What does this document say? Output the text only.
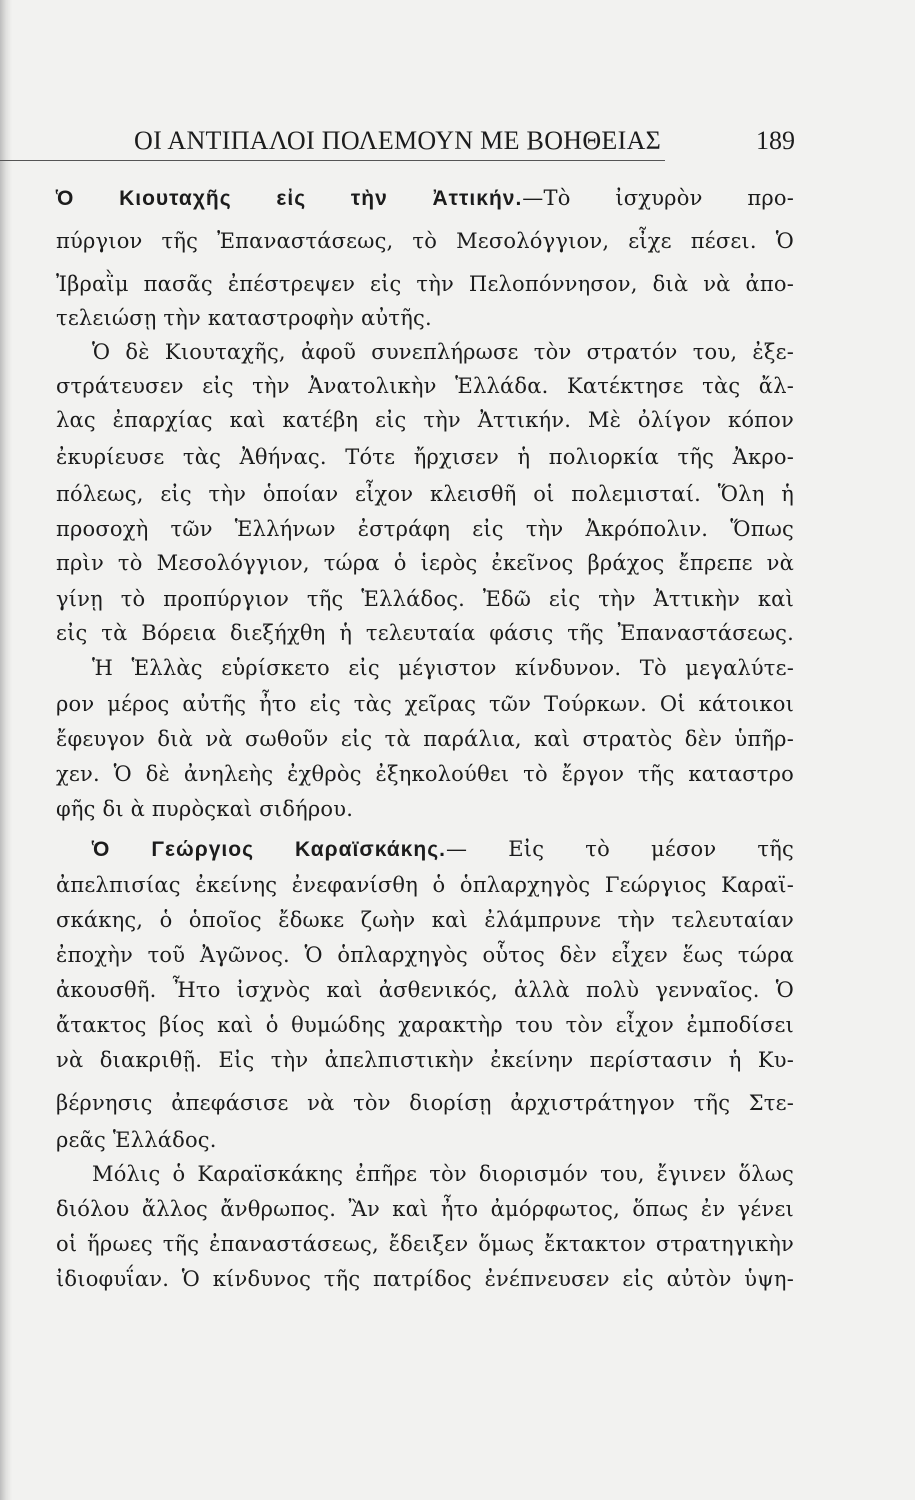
ΟΙ ΑΝΤΙΠΑΛΟΙ ΠΟΛΕΜΟΥΝ ΜΕ ΒΟΗΘΕΙΑΣ	189
Ὁ Κιουταχῆς εἰς τὴν Ἀττικήν.—Τὸ ἰσχυρὸν προ-
πύργιον τῆς Ἐπαναστάσεως, τὸ Μεσολόγγιον, εἶχε πέσει. Ὁ
Ἰβραῒμ πασᾶς ἐπέστρεψεν εἰς τὴν Πελοπόννησον, διὰ νὰ ἀπο-
τελειώσῃ τὴν καταστροφὴν αὐτῆς.
Ὁ δὲ Κιουταχῆς, ἀφοῦ συνεπλήρωσε τὸν στρατόν του, ἐξε-
στράτευσεν εἰς τὴν Ἀνατολικὴν Ἑλλάδα. Κατέκτησε τὰς ἄλ-
λας ἐπαρχίας καὶ κατέβη εἰς τὴν Ἀττικήν. Μὲ ὀλίγον κόπον
ἐκυρίευσε τὰς Ἀθήνας. Τότε ἤρχισεν ἡ πολιορκία τῆς Ἀκρο-
πόλεως, εἰς τὴν ὁποίαν εἶχον κλεισθῆ οἱ πολεμισταί. Ὅλη ἡ
προσοχὴ τῶν Ἑλλήνων ἐστράφη εἰς τὴν Ἀκρόπολιν. Ὅπως
πρὶν τὸ Μεσολόγγιον, τώρα ὁ ἱερὸς ἐκεῖνος βράχος ἔπρεπε νὰ
γίνῃ τὸ προπύργιον τῆς Ἑλλάδος. Ἐδῶ εἰς τὴν Ἀττικὴν καὶ
εἰς τὰ Βόρεια διεξήχθη ἡ τελευταία φάσις τῆς Ἐπαναστάσεως.
Ἡ Ἑλλὰς εὑρίσκετο εἰς μέγιστον κίνδυνον. Τὸ μεγαλύτε-
ρον μέρος αὐτῆς ἦτο εἰς τὰς χεῖρας τῶν Τούρκων. Οἱ κάτοικοι
ἔφευγον διὰ νὰ σωθοῦν εἰς τὰ παράλια, καὶ στρατὸς δὲν ὑπῆρ-
χεν. Ὁ δὲ ἀνηλεὴς ἐχθρὸς ἐξηκολούθει τὸ ἔργον τῆς καταστρο
φῆς δι ὰ πυρὸςκαὶ σιδήρου.
Ὁ Γεώργιος Καραϊσκάκης.— Εἰς τὸ μέσον τῆς
ἀπελπισίας ἐκείνης ἐνεφανίσθη ὁ ὁπλαρχηγὸς Γεώργιος Καραϊ-
σκάκης, ὁ ὁποῖος ἔδωκε ζωὴν καὶ ἐλάμπρυνε τὴν τελευταίαν
ἐποχὴν τοῦ Ἀγῶνος. Ὁ ὁπλαρχηγὸς οὗτος δὲν εἶχεν ἕως τώρα
ἀκουσθῆ. Ἦτο ἰσχνὸς καὶ ἀσθενικός, ἀλλὰ πολὺ γενναῖος. Ὁ
ἄτακτος βίος καὶ ὁ θυμώδης χαρακτὴρ του τὸν εἶχον ἐμποδίσει
νὰ διακριθῇ. Εἰς τὴν ἀπελπιστικὴν ἐκείνην περίστασιν ἡ Κυ-
βέρνησις ἀπεφάσισε νὰ τὸν διορίσῃ ἀρχιστράτηγον τῆς Στε-
ρεᾶς Ἑλλάδος.
Μόλις ὁ Καραϊσκάκης ἐπῆρε τὸν διορισμόν του, ἔγινεν ὅλως
διόλου ἄλλος ἄνθρωπος. Ἂν καὶ ἦτο ἀμόρφωτος, ὅπως ἐν γένει
οἱ ἥρωες τῆς ἐπαναστάσεως, ἔδειξεν ὅμως ἔκτακτον στρατηγικὴν
ἰδιοφυΐαν. Ὁ κίνδυνος τῆς πατρίδος ἐνέπνευσεν εἰς αὐτὸν ὑψη-
